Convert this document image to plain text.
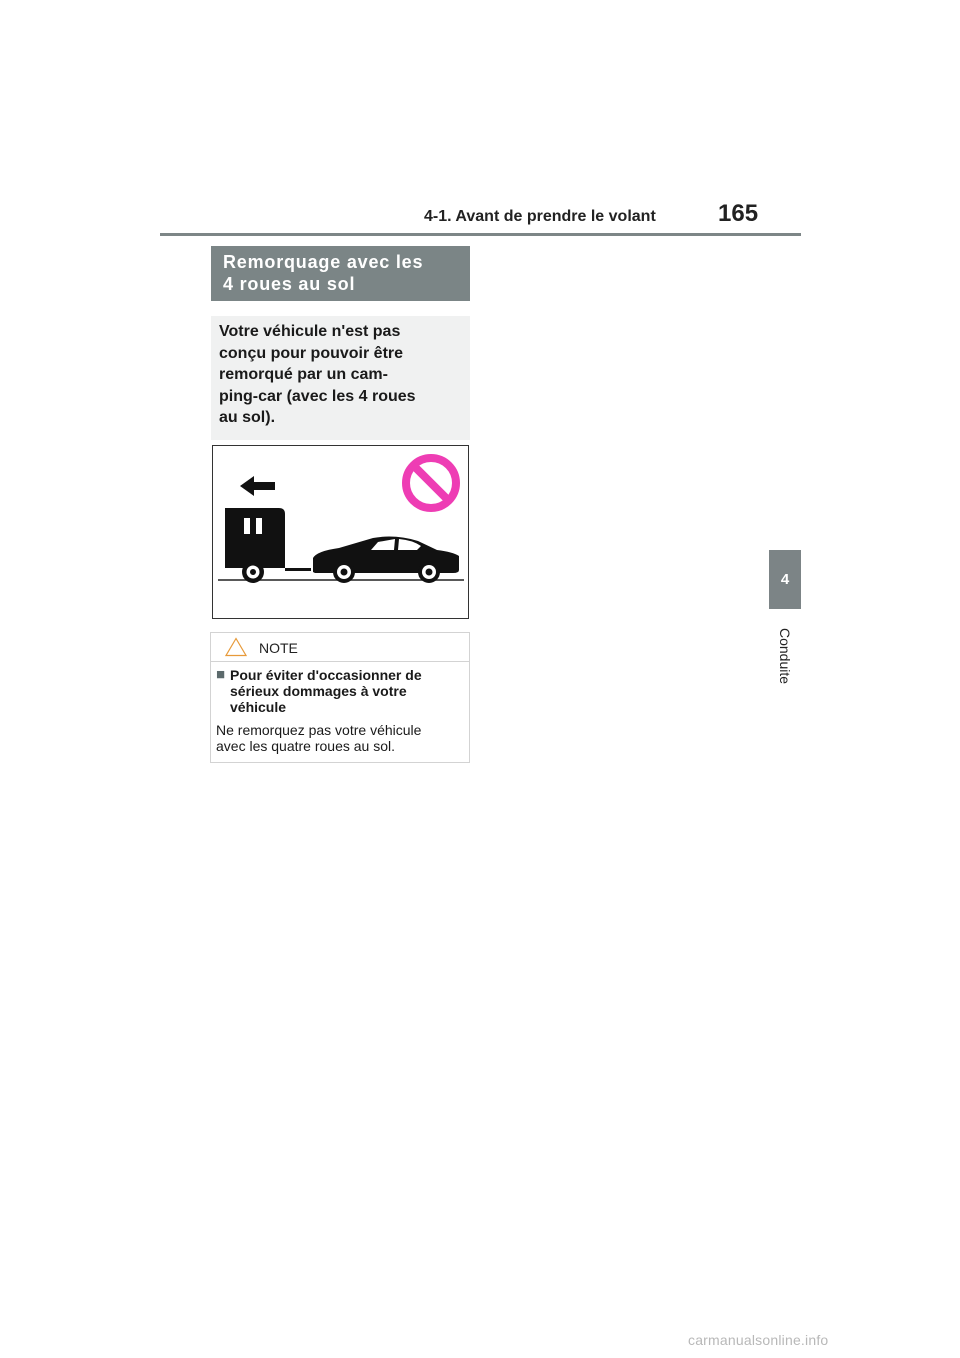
4-1. Avant de prendre le volant	165
4
Conduite
Remorquage avec les
4 roues au sol
Votre véhicule n'est pas
conçu pour pouvoir être
remorqué par un cam-
ping-car (avec les 4 roues
au sol).
NOTE
■ Pour éviter d'occasionner de
sérieux dommages à votre
véhicule
Ne remorquez pas votre véhicule
avec les quatre roues au sol.
carmanualsonline.info
